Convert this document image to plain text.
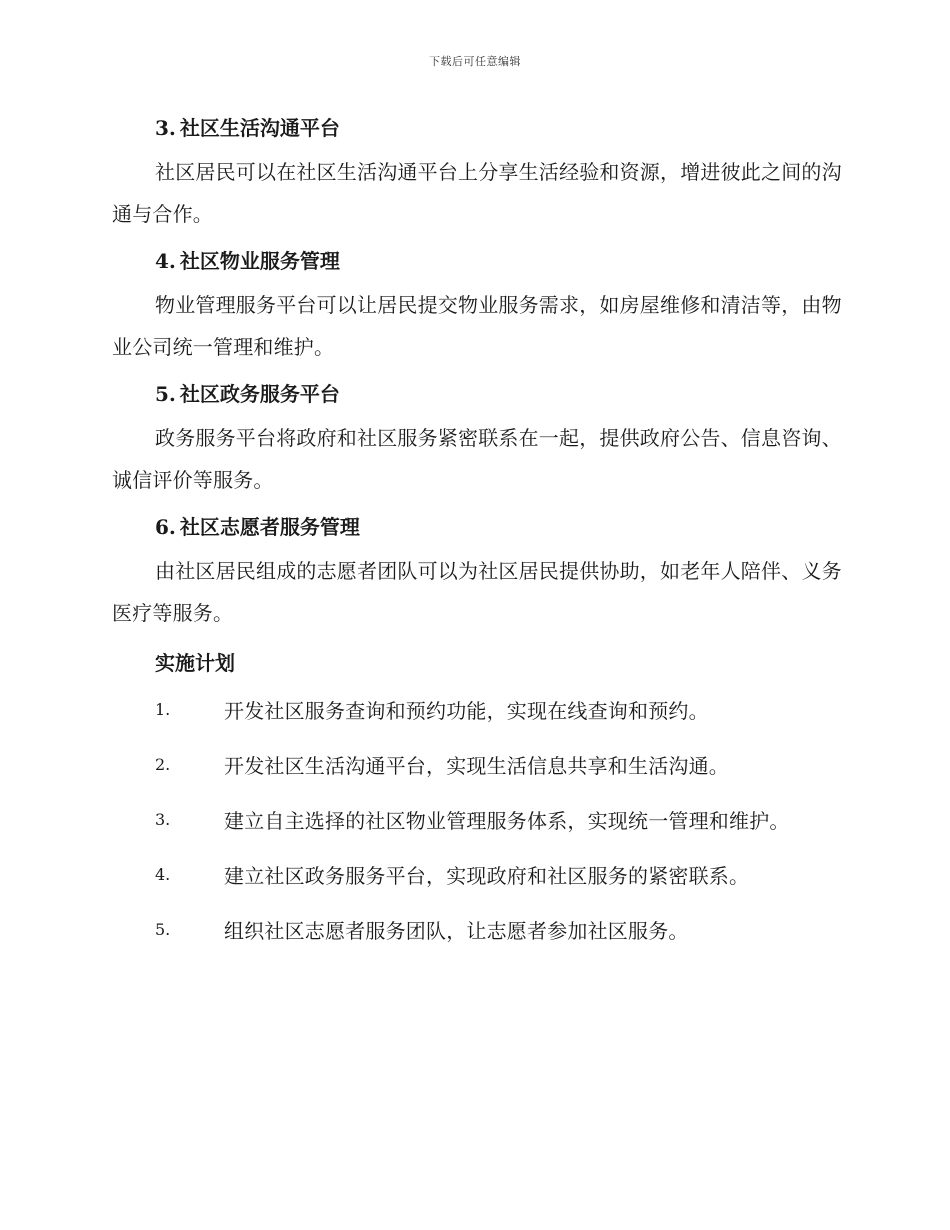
下载后可任意编辑
3. 社区生活沟通平台

社区居民可以在社区生活沟通平台上分享生活经验和资源，增进彼此之间的沟通与合作。

4. 社区物业服务管理

物业管理服务平台可以让居民提交物业服务需求，如房屋维修和清洁等，由物业公司统一管理和维护。

5. 社区政务服务平台

政务服务平台将政府和社区服务紧密联系在一起，提供政府公告、信息咨询、诚信评价等服务。

6. 社区志愿者服务管理

由社区居民组成的志愿者团队可以为社区居民提供协助，如老年人陪伴、义务医疗等服务。

实施计划
1.	开发社区服务查询和预约功能，实现在线查询和预约。
2.	开发社区生活沟通平台，实现生活信息共享和生活沟通。
3.	建立自主选择的社区物业管理服务体系，实现统一管理和维护。
4.	建立社区政务服务平台，实现政府和社区服务的紧密联系。
5.	组织社区志愿者服务团队，让志愿者参加社区服务。
